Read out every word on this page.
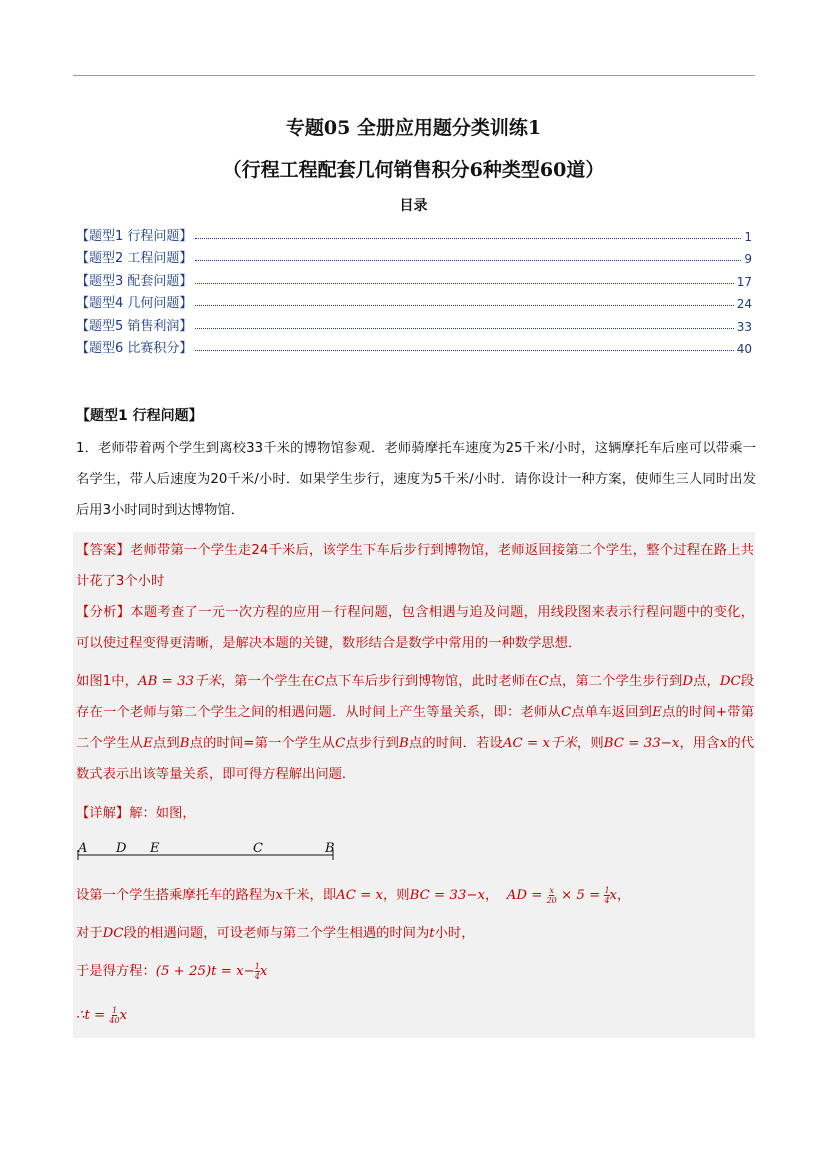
专题05 全册应用题分类训练1
（行程工程配套几何销售积分6种类型60道）
目录
【题型1 行程问题】	1
【题型2 工程问题】	9
【题型3 配套问题】	17
【题型4 几何问题】	24
【题型5 销售利润】	33
【题型6 比赛积分】	40
【题型1 行程问题】
1．老师带着两个学生到离校33千米的博物馆参观．老师骑摩托车速度为25千米/小时，这辆摩托车后座可以带乘一名学生，带人后速度为20千米/小时．如果学生步行，速度为5千米/小时．请你设计一种方案，使师生三人同时出发后用3小时同时到达博物馆．
【答案】老师带第一个学生走24千米后，该学生下车后步行到博物馆，老师返回接第二个学生，整个过程在路上共计花了3个小时
【分析】本题考查了一元一次方程的应用－行程问题，包含相遇与追及问题，用线段图来表示行程问题中的变化，可以使过程变得更清晰，是解决本题的关键，数形结合是数学中常用的一种数学思想．
如图1中，AB = 33千米，第一个学生在C点下车后步行到博物馆，此时老师在C点，第二个学生步行到D点，DC段存在一个老师与第二个学生之间的相遇问题．从时间上产生等量关系，即：老师从C点单车返回到E点的时间+带第二个学生从E点到B点的时间=第一个学生从C点步行到B点的时间．若设AC = x千米，则BC = 33−x，用含x的代数式表示出该等量关系，即可得方程解出问题．
【详解】解：如图，
A D E	C	B
设第一个学生搭乘摩托车的路程为x千米，即AC = x，则BC = 33−x， AD = $\frac{x}{20} \times 5 = \frac{1}{4}$ x，
对于DC段的相遇问题，可设老师与第二个学生相遇的时间为t小时，
于是得方程：$(5 + 25)t = x- \frac{1}{4}$ x
∴t = $\frac{1}{40}$ x
